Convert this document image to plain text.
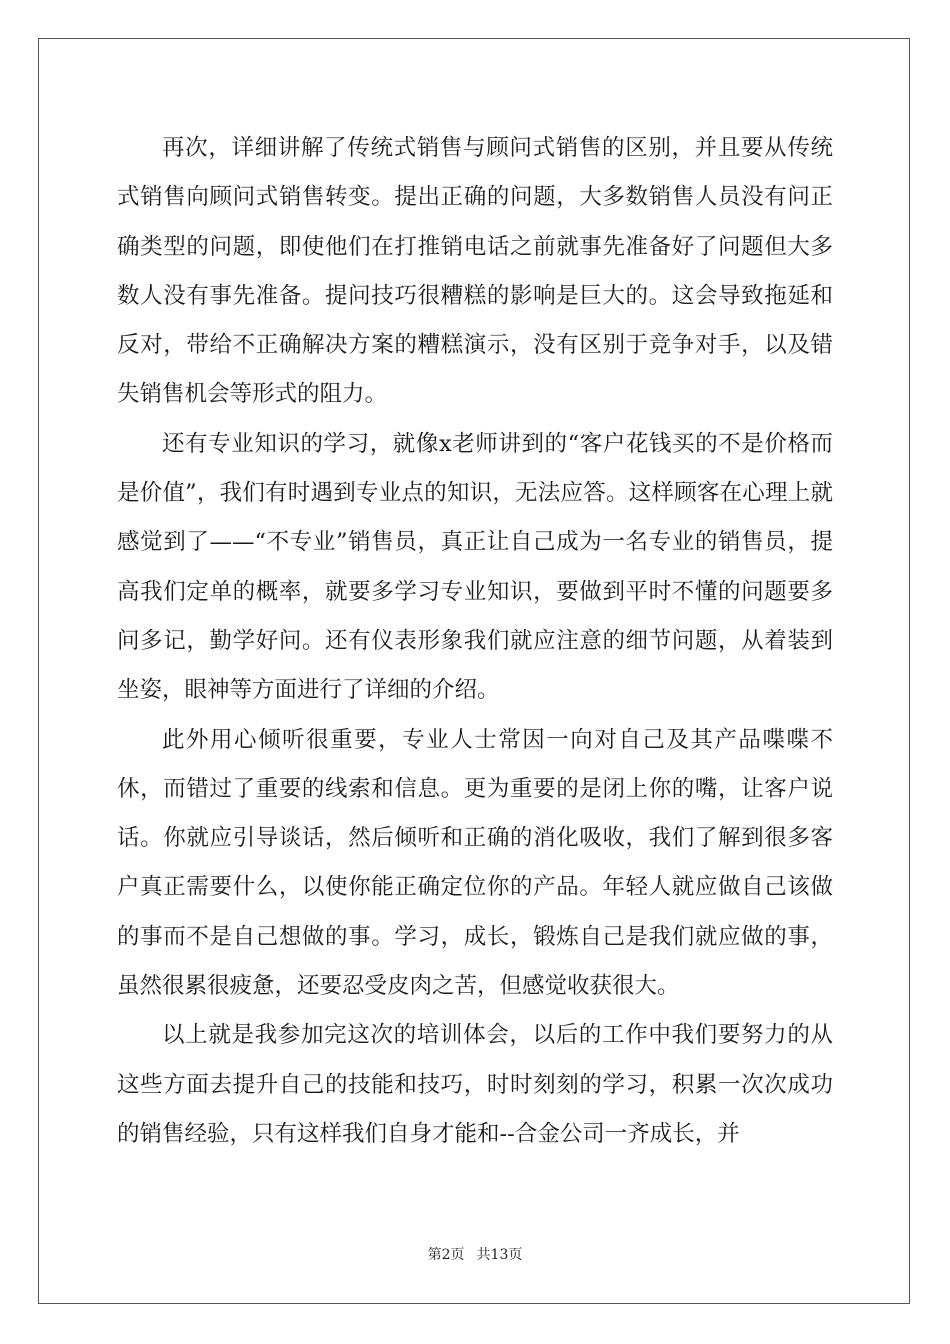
再次，详细讲解了传统式销售与顾问式销售的区别，并且要从传统式销售向顾问式销售转变。提出正确的问题，大多数销售人员没有问正确类型的问题，即使他们在打推销电话之前就事先准备好了问题但大多数人没有事先准备。提问技巧很糟糕的影响是巨大的。这会导致拖延和反对，带给不正确解决方案的糟糕演示，没有区别于竞争对手，以及错失销售机会等形式的阻力。

还有专业知识的学习，就像x老师讲到的“客户花钱买的不是价格而是价值”，我们有时遇到专业点的知识，无法应答。这样顾客在心理上就感觉到了——“不专业”销售员，真正让自己成为一名专业的销售员，提高我们定单的概率，就要多学习专业知识，要做到平时不懂的问题要多问多记，勤学好问。还有仪表形象我们就应注意的细节问题，从着装到坐姿，眼神等方面进行了详细的介绍。

此外用心倾听很重要，专业人士常因一向对自己及其产品喋喋不休，而错过了重要的线索和信息。更为重要的是闭上你的嘴，让客户说话。你就应引导谈话，然后倾听和正确的消化吸收，我们了解到很多客户真正需要什么，以使你能正确定位你的产品。年轻人就应做自己该做的事而不是自己想做的事。学习，成长，锻炼自己是我们就应做的事，虽然很累很疲惫，还要忍受皮肉之苦，但感觉收获很大。

以上就是我参加完这次的培训体会，以后的工作中我们要努力的从这些方面去提升自己的技能和技巧，时时刻刻的学习，积累一次次成功的销售经验，只有这样我们自身才能和--合金公司一齐成长，并

第2页 共13页
